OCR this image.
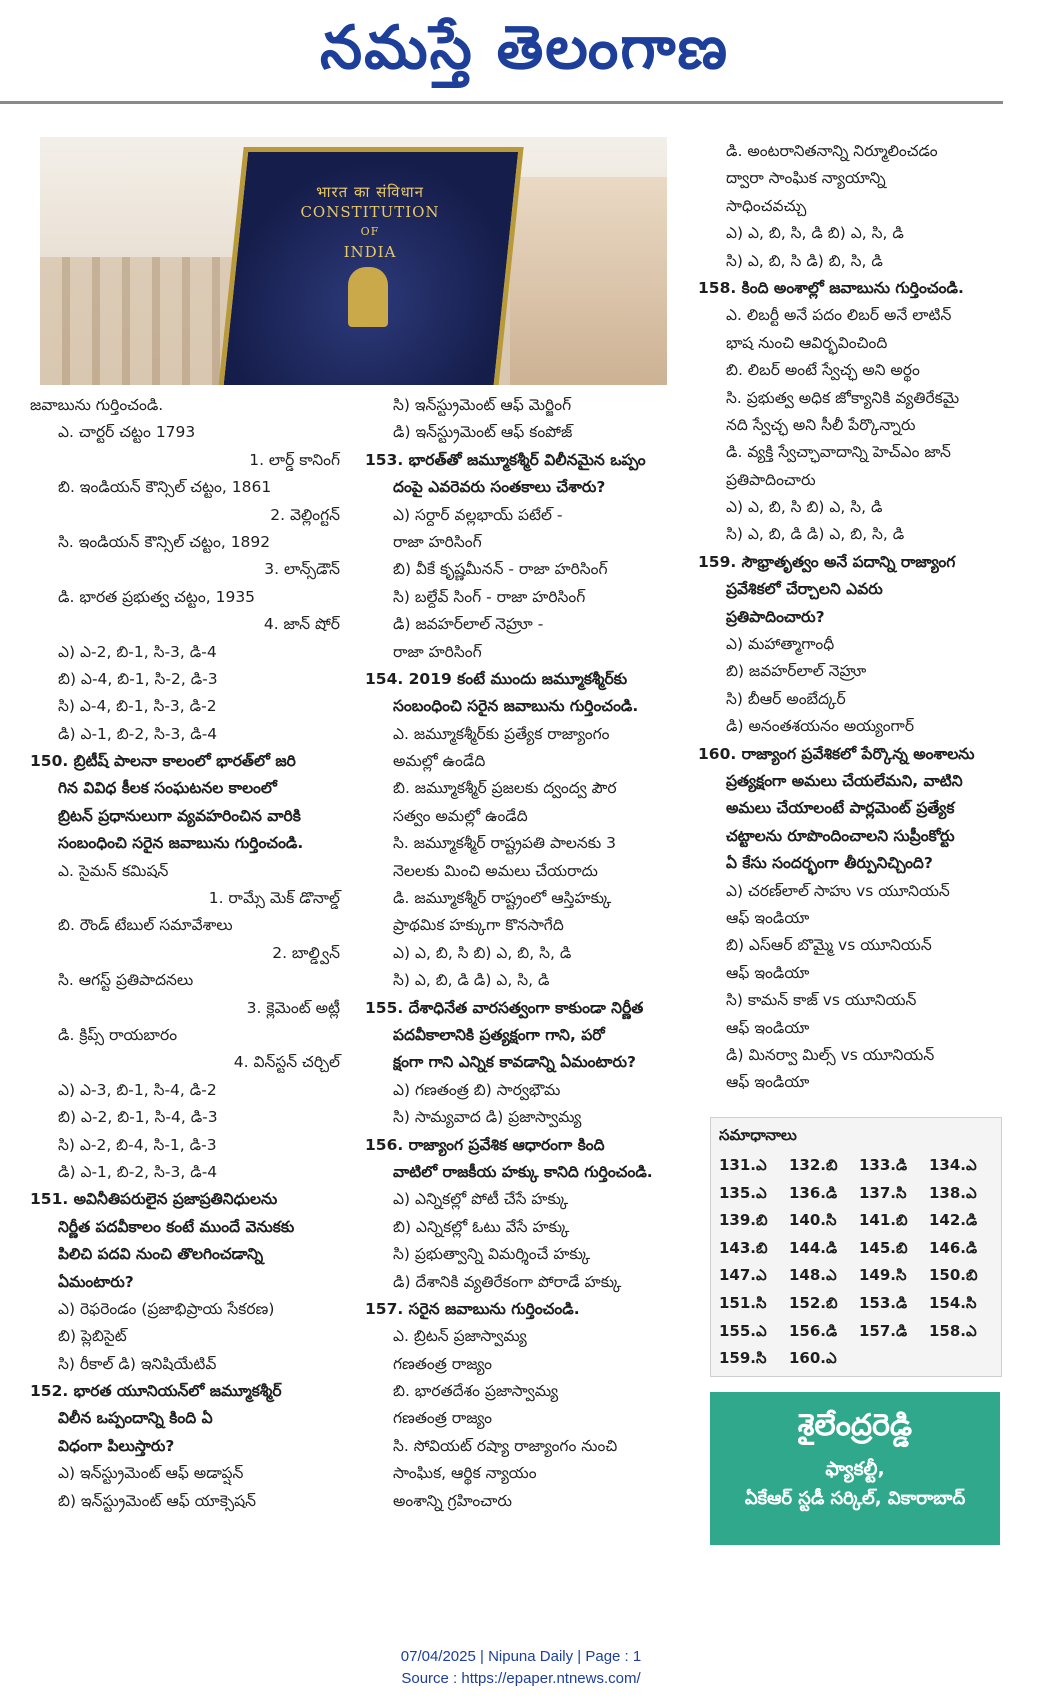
నమస్తే తెలంగాణ
भारत का संविधान
CONSTITUTION
OF
INDIA
జవాబును గుర్తించండి.
ఎ. చార్టర్ చట్టం 1793
1. లార్డ్ కానింగ్
బి. ఇండియన్ కౌన్సిల్ చట్టం, 1861
2. వెల్లింగ్టన్
సి. ఇండియన్ కౌన్సిల్ చట్టం, 1892
3. లాన్స్‌డౌన్
డి. భారత ప్రభుత్వ చట్టం, 1935
4. జాన్ షోర్
ఎ) ఎ-2, బి-1, సి-3, డి-4
బి) ఎ-4, బి-1, సి-2, డి-3
సి) ఎ-4, బి-1, సి-3, డి-2
డి) ఎ-1, బి-2, సి-3, డి-4
150. బ్రిటీష్ పాలనా కాలంలో భారత్‌లో జరి
గిన వివిధ కీలక సంఘటనల కాలంలో
బ్రిటన్ ప్రధానులుగా వ్యవహరించిన వారికి
సంబంధించి సరైన జవాబును గుర్తించండి.
ఎ. సైమన్ కమిషన్
1. రామ్సే మెక్ డొనాల్డ్
బి. రౌండ్ టేబుల్ సమావేశాలు
2. బాల్డ్విన్
సి. ఆగస్ట్ ప్రతిపాదనలు
3. క్లెమెంట్ అట్లీ
డి. క్రిప్స్ రాయబారం
4. విన్‌స్టన్ చర్చిల్
ఎ) ఎ-3, బి-1, సి-4, డి-2
బి) ఎ-2, బి-1, సి-4, డి-3
సి) ఎ-2, బి-4, సి-1, డి-3
డి) ఎ-1, బి-2, సి-3, డి-4
151. అవినీతిపరులైన ప్రజాప్రతినిధులను
నిర్ణీత పదవీకాలం కంటే ముందే వెనుకకు
పిలిచి పదవి నుంచి తొలగించడాన్ని
ఏమంటారు?
ఎ) రెఫరెండం (ప్రజాభిప్రాయ సేకరణ)
బి) ప్లెబిసైట్
సి) రీకాల్ డి) ఇనిషియేటివ్
152. భారత యూనియన్‌లో జమ్మూకశ్మీర్
విలీన ఒప్పందాన్ని కింది ఏ
విధంగా పిలుస్తారు?
ఎ) ఇన్‌స్ట్రుమెంట్ ఆఫ్ అడాప్షన్
బి) ఇన్‌స్ట్రుమెంట్ ఆఫ్ యాక్సెషన్
సి) ఇన్‌స్ట్రుమెంట్ ఆఫ్ మెర్జింగ్
డి) ఇన్‌స్ట్రుమెంట్ ఆఫ్ కంపోజ్
153. భారత్‌తో జమ్మూకశ్మీర్ విలీనమైన ఒప్పం
దంపై ఎవరెవరు సంతకాలు చేశారు?
ఎ) సర్దార్ వల్లభాయ్ పటేల్ -
రాజా హరిసింగ్
బి) వీకే కృష్ణమీనన్ - రాజా హరిసింగ్
సి) బల్దేవ్ సింగ్ - రాజా హరిసింగ్
డి) జవహర్‌లాల్ నెహ్రూ -
రాజా హరిసింగ్
154. 2019 కంటే ముందు జమ్మూకశ్మీర్‌కు
సంబంధించి సరైన జవాబును గుర్తించండి.
ఎ. జమ్మూకశ్మీర్‌కు ప్రత్యేక రాజ్యాంగం
అమల్లో ఉండేది
బి. జమ్మూకశ్మీర్ ప్రజలకు ద్వంద్వ పౌర
సత్వం అమల్లో ఉండేది
సి. జమ్మూకశ్మీర్ రాష్ట్రపతి పాలనకు 3
నెలలకు మించి అమలు చేయరాదు
డి. జమ్మూకశ్మీర్ రాష్ట్రంలో ఆస్తిహక్కు
ప్రాథమిక హక్కుగా కొనసాగేది
ఎ) ఎ, బి, సి బి) ఎ, బి, సి, డి
సి) ఎ, బి, డి డి) ఎ, సి, డి
155. దేశాధినేత వారసత్వంగా కాకుండా నిర్ణీత
పదవీకాలానికి ప్రత్యక్షంగా గాని, పరో
క్షంగా గాని ఎన్నిక కావడాన్ని ఏమంటారు?
ఎ) గణతంత్ర బి) సార్వభౌమ
సి) సామ్యవాద డి) ప్రజాస్వామ్య
156. రాజ్యాంగ ప్రవేశిక ఆధారంగా కింది
వాటిలో రాజకీయ హక్కు కానిది గుర్తించండి.
ఎ) ఎన్నికల్లో పోటీ చేసే హక్కు
బి) ఎన్నికల్లో ఓటు వేసే హక్కు
సి) ప్రభుత్వాన్ని విమర్శించే హక్కు
డి) దేశానికి వ్యతిరేకంగా పోరాడే హక్కు
157. సరైన జవాబును గుర్తించండి.
ఎ. బ్రిటన్ ప్రజాస్వామ్య
గణతంత్ర రాజ్యం
బి. భారతదేశం ప్రజాస్వామ్య
గణతంత్ర రాజ్యం
సి. సోవియట్ రష్యా రాజ్యాంగం నుంచి
సాంఘిక, ఆర్థిక న్యాయం
అంశాన్ని గ్రహించారు
డి. అంటరానితనాన్ని నిర్మూలించడం
ద్వారా సాంఘిక న్యాయాన్ని
సాధించవచ్చు
ఎ) ఎ, బి, సి, డి బి) ఎ, సి, డి
సి) ఎ, బి, సి డి) బి, సి, డి
158. కింది అంశాల్లో జవాబును గుర్తించండి.
ఎ. లిబర్టీ అనే పదం లిబర్ అనే లాటిన్
భాష నుంచి ఆవిర్భవించింది
బి. లిబర్ అంటే స్వేచ్ఛ అని అర్థం
సి. ప్రభుత్వ అధిక జోక్యానికి వ్యతిరేకమై
నది స్వేచ్ఛ అని సీలీ పేర్కొన్నారు
డి. వ్యక్తి స్వేచ్ఛావాదాన్ని హెచ్ఎం జాన్
ప్రతిపాదించారు
ఎ) ఎ, బి, సి బి) ఎ, సి, డి
సి) ఎ, బి, డి డి) ఎ, బి, సి, డి
159. సౌభ్రాతృత్వం అనే పదాన్ని రాజ్యాంగ
ప్రవేశికలో చేర్చాలని ఎవరు
ప్రతిపాదించారు?
ఎ) మహాత్మాగాంధీ
బి) జవహర్‌లాల్ నెహ్రూ
సి) బీఆర్ అంబేద్కర్
డి) అనంతశయనం అయ్యంగార్
160. రాజ్యాంగ ప్రవేశికలో పేర్కొన్న అంశాలను
ప్రత్యక్షంగా అమలు చేయలేమని, వాటిని
అమలు చేయాలంటే పార్లమెంట్ ప్రత్యేక
చట్టాలను రూపొందించాలని సుప్రీంకోర్టు
ఏ కేసు సందర్భంగా తీర్పునిచ్చింది?
ఎ) చరణ్‌లాల్ సాహు vs యూనియన్
ఆఫ్ ఇండియా
బి) ఎస్ఆర్ బొమ్మై vs యూనియన్
ఆఫ్ ఇండియా
సి) కామన్ కాజ్ vs యూనియన్
ఆఫ్ ఇండియా
డి) మినర్వా మిల్స్ vs యూనియన్
ఆఫ్ ఇండియా
సమాధానాలు
131.ఎ 132.బి 133.డి 134.ఎ
135.ఎ 136.డి 137.సి 138.ఎ
139.బి 140.సి 141.బి 142.డి
143.బి 144.డి 145.బి 146.డి
147.ఎ 148.ఎ 149.సి 150.బి
151.సి 152.బి 153.డి 154.సి
155.ఎ 156.డి 157.డి 158.ఎ
159.సి 160.ఎ
శైలేంద్రరెడ్డి
ఫ్యాకల్టీ,
ఏకేఆర్ స్టడీ సర్కిల్, వికారాబాద్
07/04/2025 | Nipuna Daily | Page : 1
Source : https://epaper.ntnews.com/
